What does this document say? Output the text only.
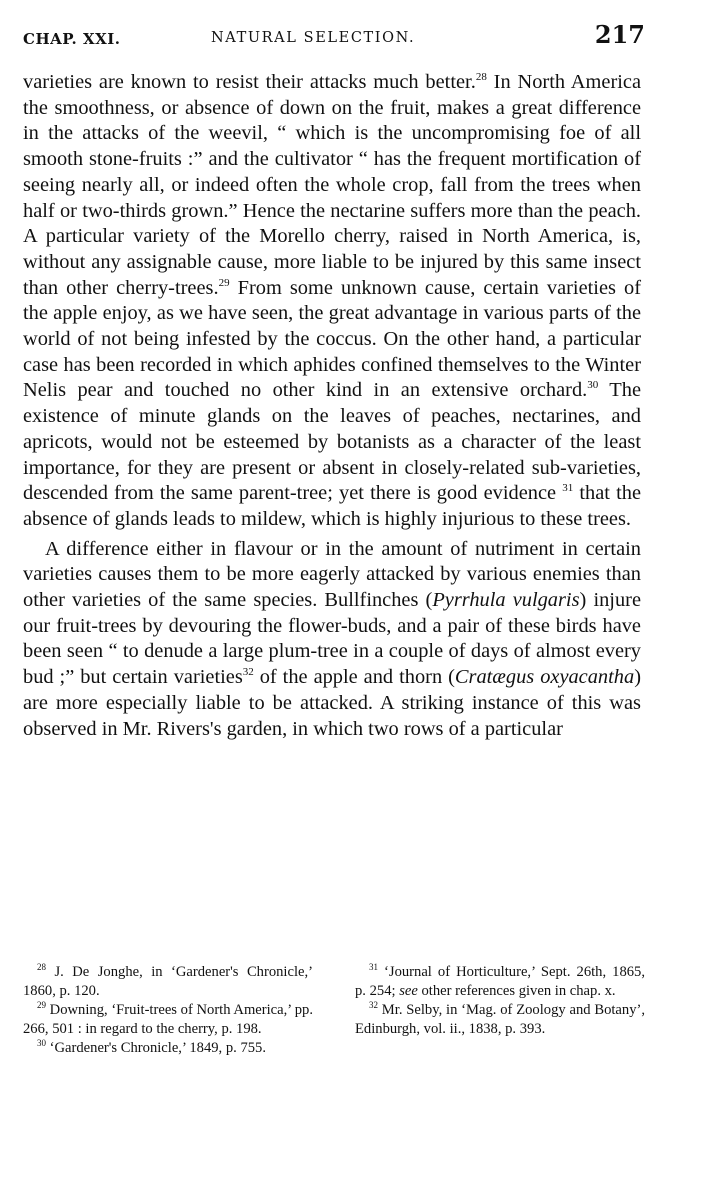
CHAP. XXI.	NATURAL SELECTION.	217

varieties are known to resist their attacks much better.$^{28}$ In North America the smoothness, or absence of down on the fruit, makes a great difference in the attacks of the weevil, “ which is the uncompromising foe of all smooth stone-fruits :” and the cultivator “ has the frequent mortification of seeing nearly all, or indeed often the whole crop, fall from the trees when half or two-thirds grown.” Hence the nectarine suffers more than the peach. A particular variety of the Morello cherry, raised in North America, is, without any assignable cause, more liable to be injured by this same insect than other cherry-trees.$^{29}$ From some unknown cause, certain varieties of the apple enjoy, as we have seen, the great advantage in various parts of the world of not being infested by the coccus. On the other hand, a particular case has been recorded in which aphides confined themselves to the Winter Nelis pear and touched no other kind in an extensive orchard.$^{30}$ The existence of minute glands on the leaves of peaches, nectarines, and apricots, would not be esteemed by botanists as a character of the least importance, for they are present or absent in closely-related sub-varieties, descended from the same parent-tree; yet there is good evidence $^{31}$ that the absence of glands leads to mildew, which is highly injurious to these trees.

A difference either in flavour or in the amount of nutriment in certain varieties causes them to be more eagerly attacked by various enemies than other varieties of the same species. Bullfinches (Pyrrhula vulgaris) injure our fruit-trees by devouring the flower-buds, and a pair of these birds have been seen “ to denude a large plum-tree in a couple of days of almost every bud ;” but certain varieties$^{32}$ of the apple and thorn (Cratægus oxyacantha) are more especially liable to be attacked. A striking instance of this was observed in Mr. Rivers's garden, in which two rows of a particular

$^{28}$ J. De Jonghe, in ‘Gardener's Chronicle,’ 1860, p. 120.

$^{29}$ Downing, ‘Fruit-trees of North America,’ pp. 266, 501 : in regard to the cherry, p. 198.

$^{30}$ ‘Gardener's Chronicle,’ 1849, p. 755.

$^{31}$ ‘Journal of Horticulture,’ Sept. 26th, 1865, p. 254; see other references given in chap. x.

$^{32}$ Mr. Selby, in ‘Mag. of Zoology and Botany’, Edinburgh, vol. ii., 1838, p. 393.
